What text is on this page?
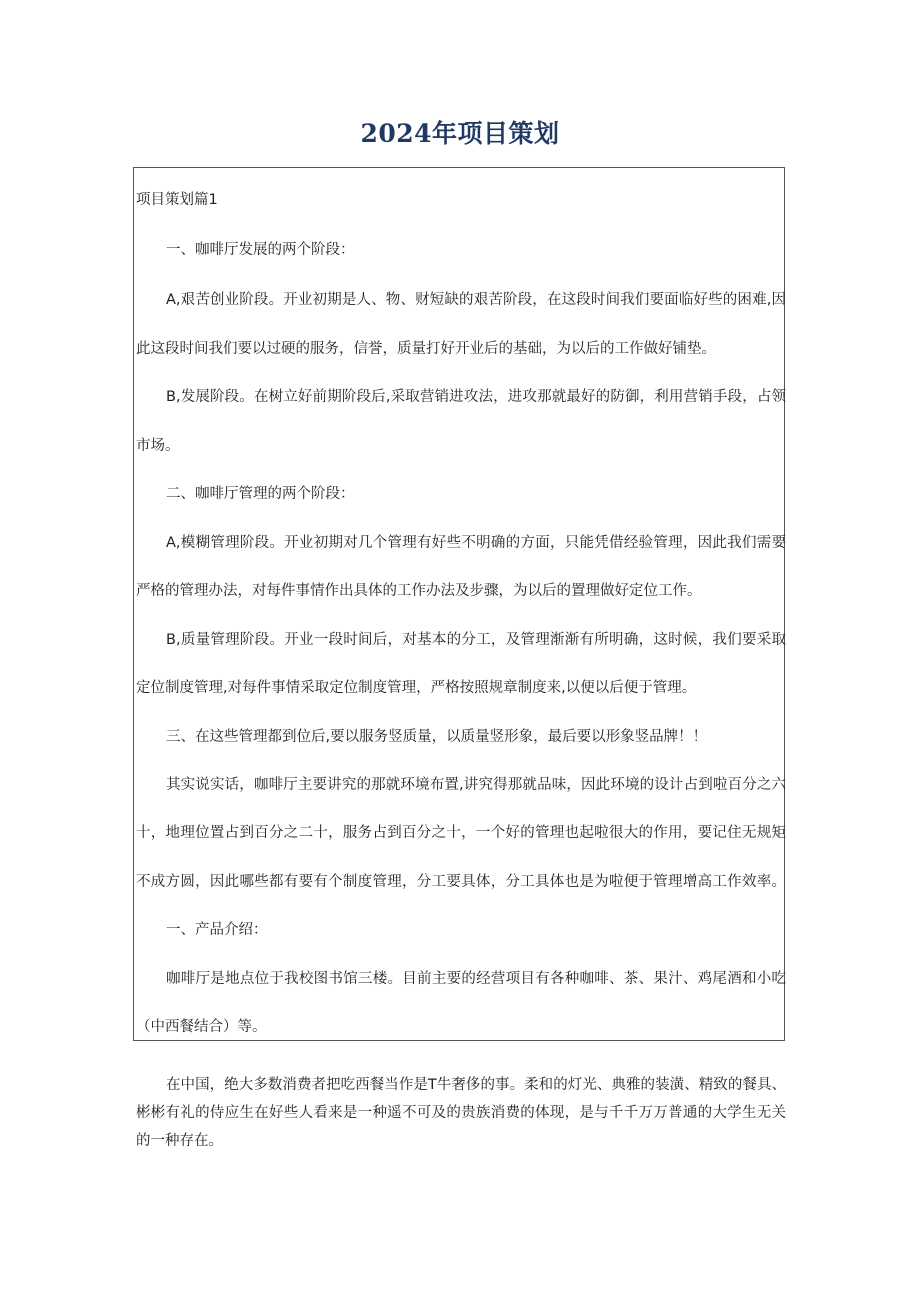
2024年项目策划
项目策划篇1
一、咖啡厅发展的两个阶段：
A,艰苦创业阶段。开业初期是人、物、财短缺的艰苦阶段，在这段时间我们要面临好些的困难,因
此这段时间我们要以过硬的服务，信誉，质量打好开业后的基础，为以后的工作做好铺垫。
B,发展阶段。在树立好前期阶段后,采取营销进攻法，进攻那就最好的防御，利用营销手段，占领
市场。
二、咖啡厅管理的两个阶段：
A,模糊管理阶段。开业初期对几个管理有好些不明确的方面，只能凭借经验管理，因此我们需要
严格的管理办法，对每件事情作出具体的工作办法及步骤，为以后的置理做好定位工作。
B,质量管理阶段。开业一段时间后，对基本的分工，及管理渐渐有所明确，这时候，我们要采取
定位制度管理,对每件事情采取定位制度管理，严格按照规章制度来,以便以后便于管理。
三、在这些管理都到位后,要以服务竖质量，以质量竖形象，最后要以形象竖品牌！！
其实说实话，咖啡厅主要讲究的那就环境布置,讲究得那就品味，因此环境的设计占到啦百分之六
十，地理位置占到百分之二十，服务占到百分之十，一个好的管理也起啦很大的作用，要记住无规矩
不成方圆，因此哪些都有要有个制度管理，分工要具体，分工具体也是为啦便于管理增高工作效率。
一、产品介绍：
咖啡厅是地点位于我校图书馆三楼。目前主要的经营项目有各种咖啡、茶、果汁、鸡尾酒和小吃
（中西餐结合）等。
在中国，绝大多数消费者把吃西餐当作是T牛奢侈的事。柔和的灯光、典雅的装潢、精致的餐具、
彬彬有礼的侍应生在好些人看来是一种遥不可及的贵族消费的体现，是与千千万万普通的大学生无关
的一种存在。
